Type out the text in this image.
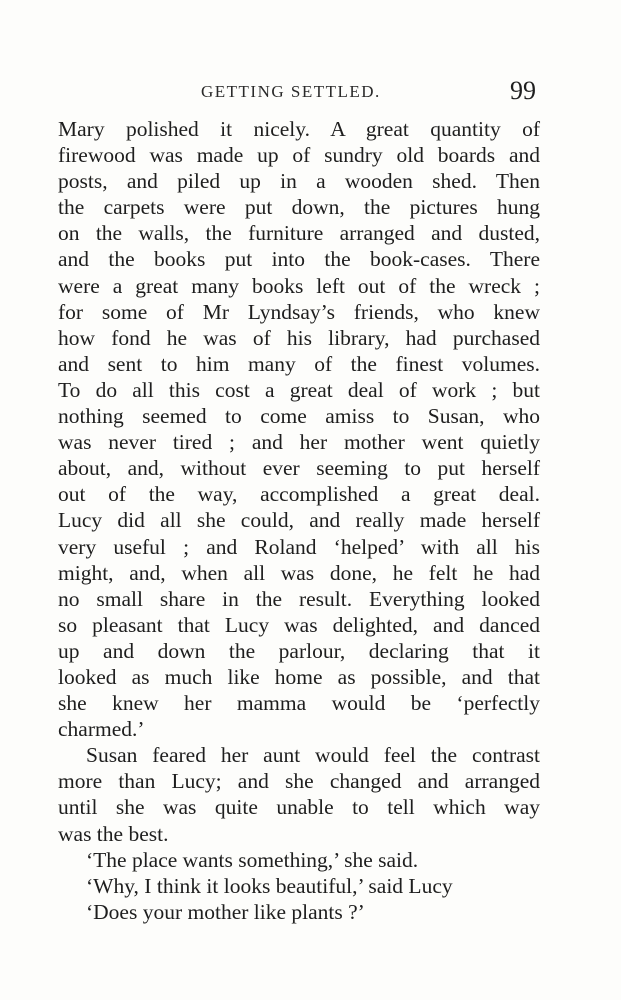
GETTING SETTLED.	99
Mary polished it nicely. A great quantity of
firewood was made up of sundry old boards and
posts, and piled up in a wooden shed. Then
the carpets were put down, the pictures hung
on the walls, the furniture arranged and dusted,
and the books put into the book-cases. There
were a great many books left out of the wreck ;
for some of Mr Lyndsay’s friends, who knew
how fond he was of his library, had purchased
and sent to him many of the finest volumes.
To do all this cost a great deal of work ; but
nothing seemed to come amiss to Susan, who
was never tired ; and her mother went quietly
about, and, without ever seeming to put herself
out of the way, accomplished a great deal.
Lucy did all she could, and really made herself
very useful ; and Roland ‘helped’ with all his
might, and, when all was done, he felt he had
no small share in the result. Everything looked
so pleasant that Lucy was delighted, and danced
up and down the parlour, declaring that it
looked as much like home as possible, and that
she knew her mamma would be ‘perfectly
charmed.’
Susan feared her aunt would feel the contrast
more than Lucy; and she changed and arranged
until she was quite unable to tell which way
was the best.
‘The place wants something,’ she said.
‘Why, I think it looks beautiful,’ said Lucy
‘Does your mother like plants ?’
